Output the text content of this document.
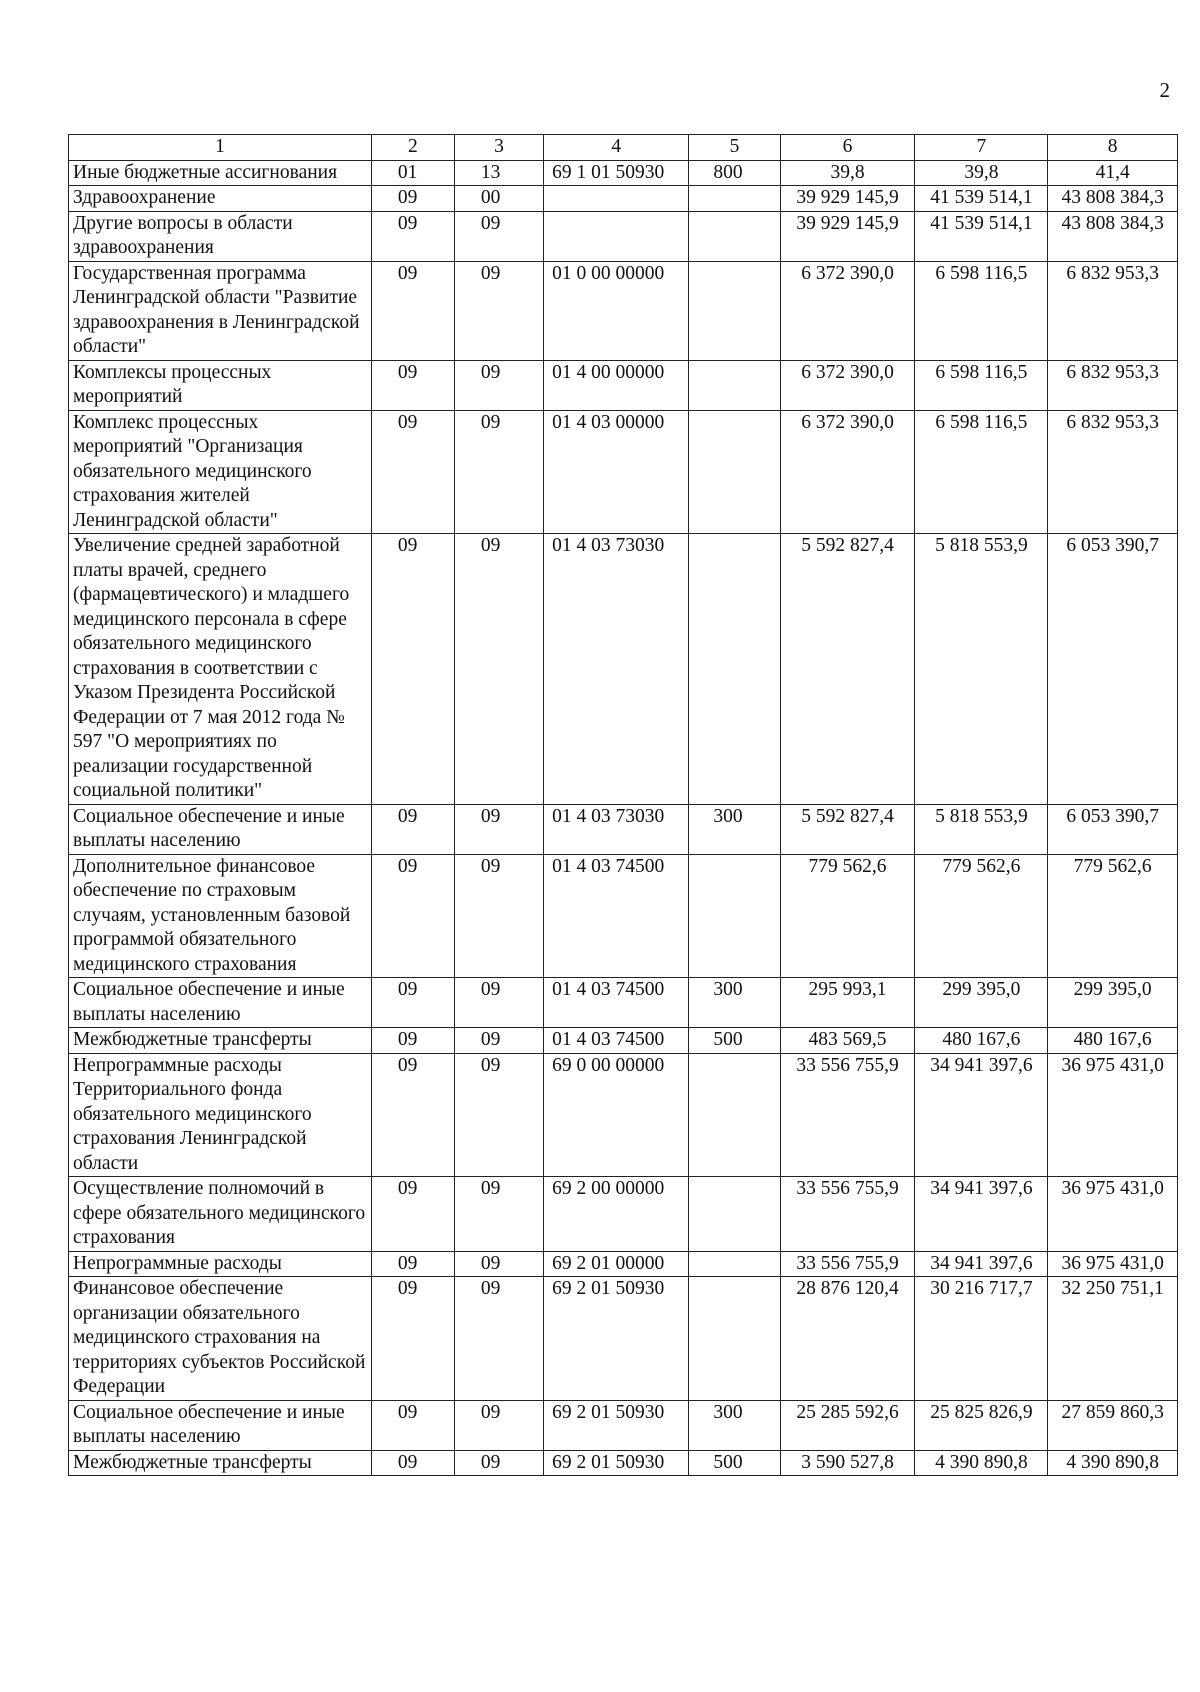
2
1	2	3	4	5	6	7	8
Иные бюджетные ассигнования	01	13	69 1 01 50930	800	39,8	39,8	41,4
Здравоохранение	09	00			39 929 145,9	41 539 514,1	43 808 384,3
Другие вопросы в области здравоохранения	09	09			39 929 145,9	41 539 514,1	43 808 384,3
Государственная программа Ленинградской области "Развитие здравоохранения в Ленинградской области"	09	09	01 0 00 00000		6 372 390,0	6 598 116,5	6 832 953,3
Комплексы процессных мероприятий	09	09	01 4 00 00000		6 372 390,0	6 598 116,5	6 832 953,3
Комплекс процессных мероприятий "Организация обязательного медицинского страхования жителей Ленинградской области"	09	09	01 4 03 00000		6 372 390,0	6 598 116,5	6 832 953,3
Увеличение средней заработной платы врачей, среднего (фармацевтического) и младшего медицинского персонала в сфере обязательного медицинского страхования в соответствии с Указом Президента Российской Федерации от 7 мая 2012 года № 597 "О мероприятиях по реализации государственной социальной политики"	09	09	01 4 03 73030		5 592 827,4	5 818 553,9	6 053 390,7
Социальное обеспечение и иные выплаты населению	09	09	01 4 03 73030	300	5 592 827,4	5 818 553,9	6 053 390,7
Дополнительное финансовое обеспечение по страховым случаям, установленным базовой программой обязательного медицинского страхования	09	09	01 4 03 74500		779 562,6	779 562,6	779 562,6
Социальное обеспечение и иные выплаты населению	09	09	01 4 03 74500	300	295 993,1	299 395,0	299 395,0
Межбюджетные трансферты	09	09	01 4 03 74500	500	483 569,5	480 167,6	480 167,6
Непрограммные расходы Территориального фонда обязательного медицинского страхования Ленинградской области	09	09	69 0 00 00000		33 556 755,9	34 941 397,6	36 975 431,0
Осуществление полномочий в сфере обязательного медицинского страхования	09	09	69 2 00 00000		33 556 755,9	34 941 397,6	36 975 431,0
Непрограммные расходы	09	09	69 2 01 00000		33 556 755,9	34 941 397,6	36 975 431,0
Финансовое обеспечение организации обязательного медицинского страхования на территориях субъектов Российской Федерации	09	09	69 2 01 50930		28 876 120,4	30 216 717,7	32 250 751,1
Социальное обеспечение и иные выплаты населению	09	09	69 2 01 50930	300	25 285 592,6	25 825 826,9	27 859 860,3
Межбюджетные трансферты	09	09	69 2 01 50930	500	3 590 527,8	4 390 890,8	4 390 890,8
